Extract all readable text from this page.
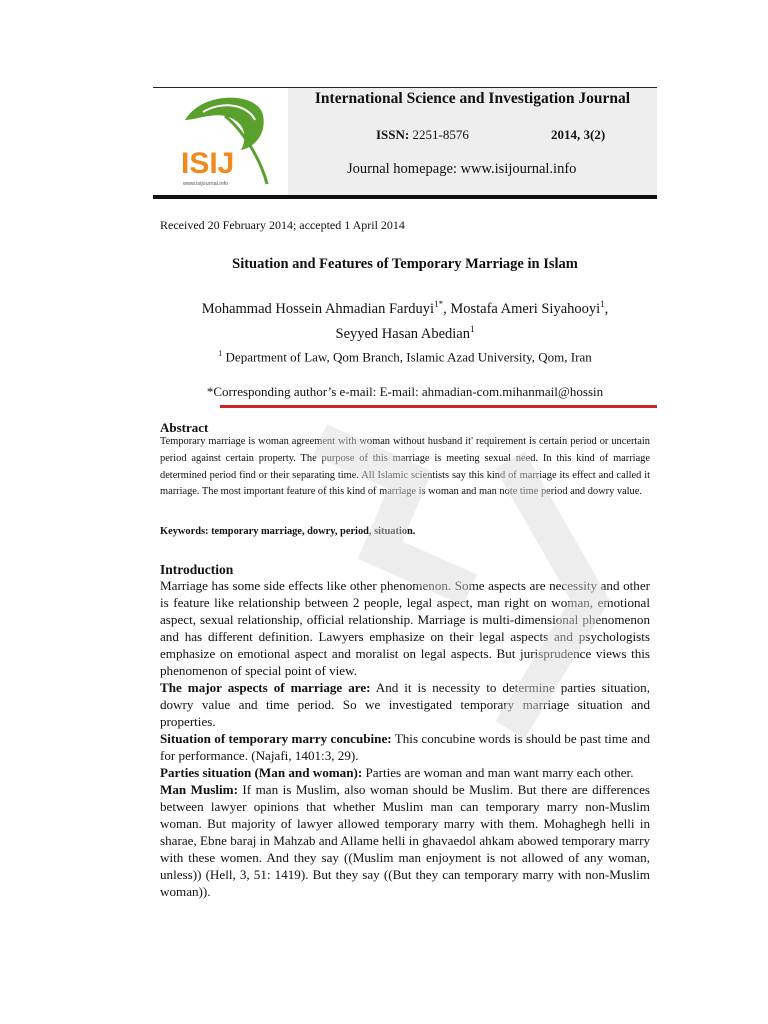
ISIJ
www.isijournal.info
International Science and Investigation Journal
ISSN: 2251-8576	2014, 3(2)
Journal homepage: www.isijournal.info
Received 20 February 2014; accepted 1 April 2014
Situation and Features of Temporary Marriage in Islam
Mohammad Hossein Ahmadian Farduyi$^{1*}$, Mostafa Ameri Siyahooyi$^1$,
Seyyed Hasan Abedian$^1$
$^1$ Department of Law, Qom Branch, Islamic Azad University, Qom, Iran
*Corresponding author’s e-mail: E-mail: ahmadian-com.mihanmail@hossin
Abstract
Temporary marriage is woman agreement with woman without husband it' requirement is certain period or uncertain period against certain property. The purpose of this marriage is meeting sexual need. In this kind of marriage determined period find or their separating time. All Islamic scientists say this kind of marriage its effect and called it marriage. The most important feature of this kind of marriage is woman and man note time period and dowry value.
Keywords: temporary marriage, dowry, period, situation.
Introduction

Marriage has some side effects like other phenomenon. Some aspects are necessity and other is feature like relationship between 2 people, legal aspect, man right on woman, emotional aspect, sexual relationship, official relationship. Marriage is multi-dimensional phenomenon and has different definition. Lawyers emphasize on their legal aspects and psychologists emphasize on emotional aspect and moralist on legal aspects. But jurisprudence views this phenomenon of special point of view.

The major aspects of marriage are: And it is necessity to determine parties situation, dowry value and time period. So we investigated temporary marriage situation and properties.

Situation of temporary marry concubine: This concubine words is should be past time and for performance. (Najafi, 1401:3, 29).

Parties situation (Man and woman): Parties are woman and man want marry each other.

Man Muslim: If man is Muslim, also woman should be Muslim. But there are differences between lawyer opinions that whether Muslim man can temporary marry non-Muslim woman. But majority of lawyer allowed temporary marry with them. Mohaghegh helli in sharae, Ebne baraj in Mahzab and Allame helli in ghavaedol ahkam abowed temporary marry with these women. And they say ((Muslim man enjoyment is not allowed of any woman, unless)) (Hell, 3, 51: 1419). But they say ((But they can temporary marry with non-Muslim woman)).
